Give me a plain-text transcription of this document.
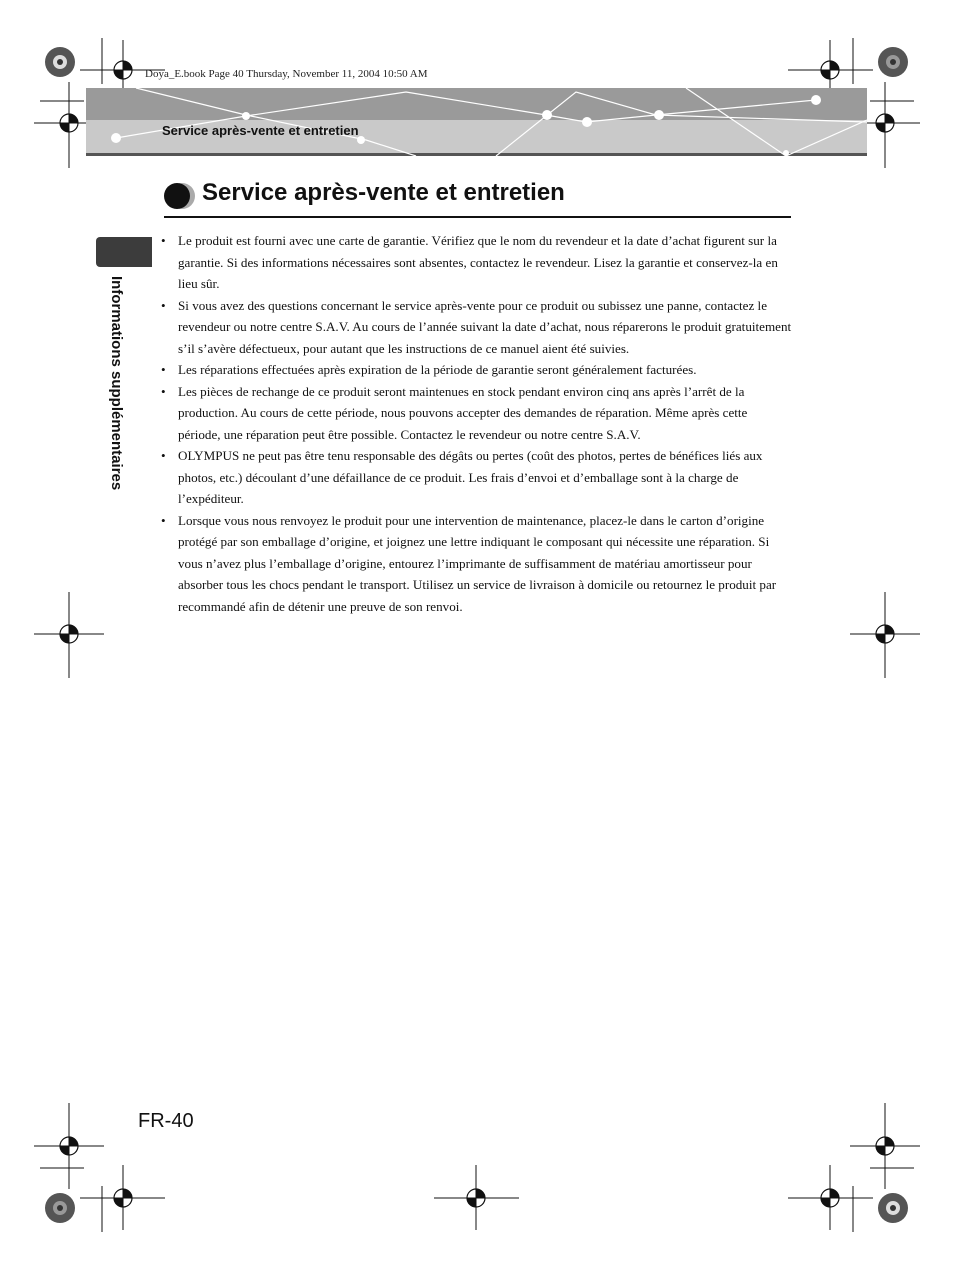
Doya_E.book Page 40 Thursday, November 11, 2004 10:50 AM
Service après-vente et entretien
Service après-vente et entretien
Informations supplémentaires
• Le produit est fourni avec une carte de garantie. Vérifiez que le nom du revendeur et la date d’achat figurent sur la garantie. Si des informations nécessaires sont absentes, contactez le revendeur. Lisez la garantie et conservez-la en lieu sûr.
• Si vous avez des questions concernant le service après-vente pour ce produit ou subissez une panne, contactez le revendeur ou notre centre S.A.V. Au cours de l’année suivant la date d’achat, nous réparerons le produit gratuitement s’il s’avère défectueux, pour autant que les instructions de ce manuel aient été suivies.
• Les réparations effectuées après expiration de la période de garantie seront généralement facturées.
• Les pièces de rechange de ce produit seront maintenues en stock pendant environ cinq ans après l’arrêt de la production. Au cours de cette période, nous pouvons accepter des demandes de réparation. Même après cette période, une réparation peut être possible. Contactez le revendeur ou notre centre S.A.V.
• OLYMPUS ne peut pas être tenu responsable des dégâts ou pertes (coût des photos, pertes de bénéfices liés aux photos, etc.) découlant d’une défaillance de ce produit. Les frais d’envoi et d’emballage sont à la charge de l’expéditeur.
• Lorsque vous nous renvoyez le produit pour une intervention de maintenance, placez-le dans le carton d’origine protégé par son emballage d’origine, et joignez une lettre indiquant le composant qui nécessite une réparation. Si vous n’avez plus l’emballage d’origine, entourez l’imprimante de suffisamment de matériau amortisseur pour absorber tous les chocs pendant le transport. Utilisez un service de livraison à domicile ou retournez le produit par recommandé afin de détenir une preuve de son renvoi.
FR-40
